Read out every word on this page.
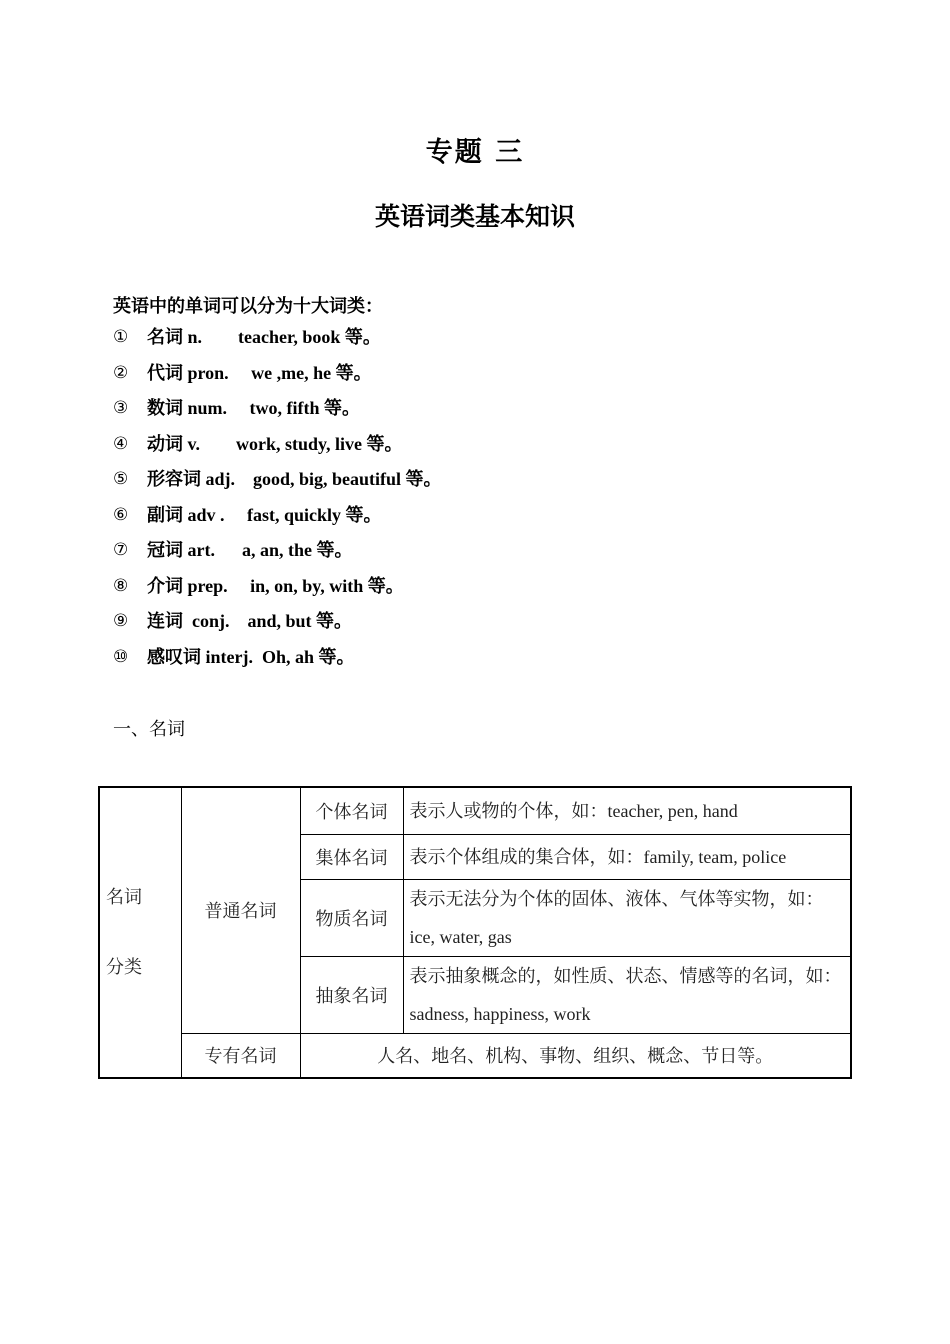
专题 三
英语词类基本知识
英语中的单词可以分为十大词类：
①	名词 n.        teacher, book 等。
②	代词 pron.     we ,me, he 等。
③	数词 num.     two, fifth 等。
④	动词 v.        work, study, live 等。
⑤	形容词 adj.    good, big, beautiful 等。
⑥	副词 adv .     fast, quickly 等。
⑦	冠词 art.      a, an, the 等。
⑧	介词 prep.     in, on, by, with 等。
⑨	连词  conj.    and, but 等。
⑩	感叹词 interj.  Oh, ah 等。
一、名词
名词
分类	普通名词	个体名词	表示人或物的个体，如：teacher, pen, hand
		集体名词	表示个体组成的集合体，如：family, team, police
		物质名词	表示无法分为个体的固体、液体、气体等实物，如：ice, water, gas
		抽象名词	表示抽象概念的，如性质、状态、情感等的名词，如：sadness, happiness, work
	专有名词	人名、地名、机构、事物、组织、概念、节日等。	
